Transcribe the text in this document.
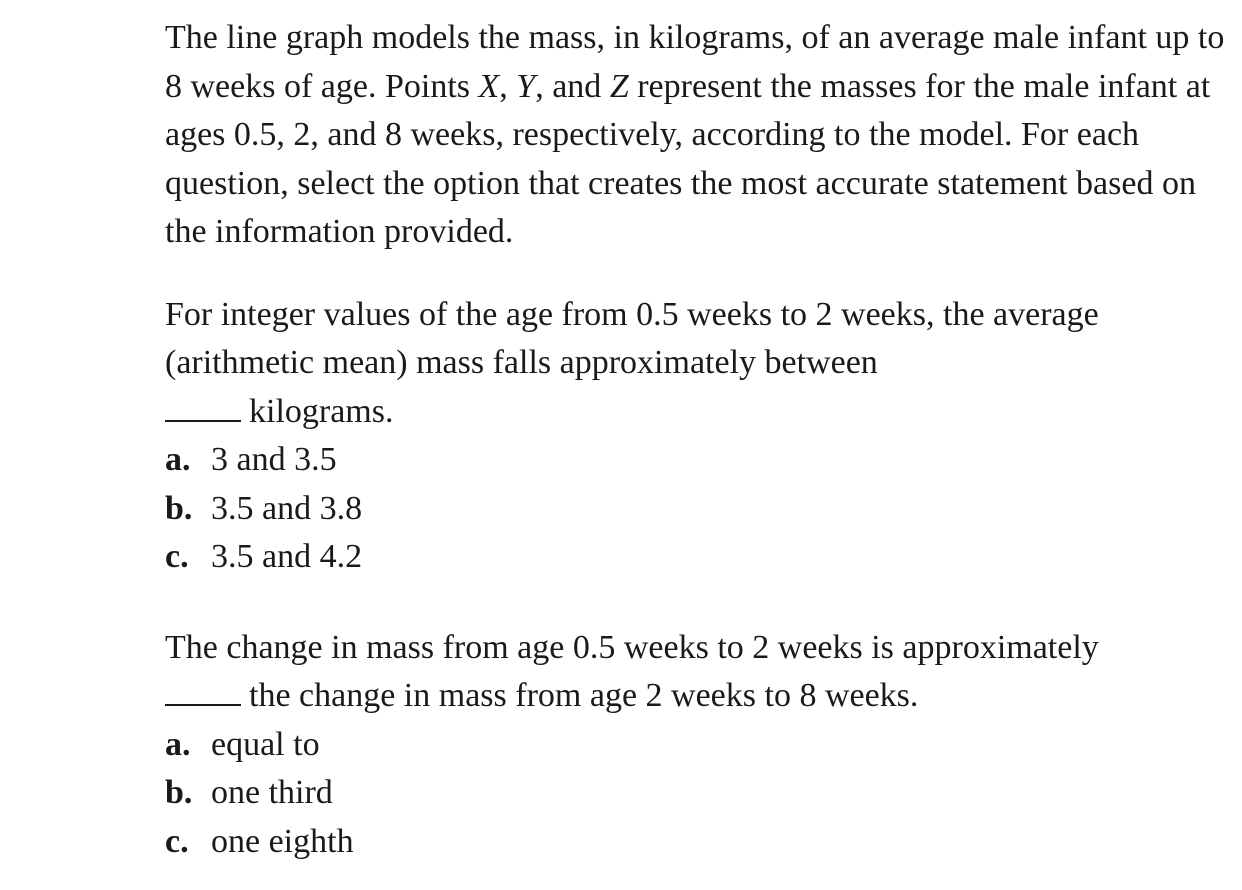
The line graph models the mass, in kilograms, of an average male infant up to 8 weeks of age. Points X, Y, and Z represent the masses for the male infant at ages 0.5, 2, and 8 weeks, respectively, according to the model. For each question, select the option that creates the most accurate statement based on the information provided.

For integer values of the age from 0.5 weeks to 2 weeks, the average (arithmetic mean) mass falls approximately between
kilograms.

a. 3 and 3.5
b. 3.5 and 3.8
c. 3.5 and 4.2

The change in mass from age 0.5 weeks to 2 weeks is approximately
the change in mass from age 2 weeks to 8 weeks.

a. equal to
b. one third
c. one eighth
